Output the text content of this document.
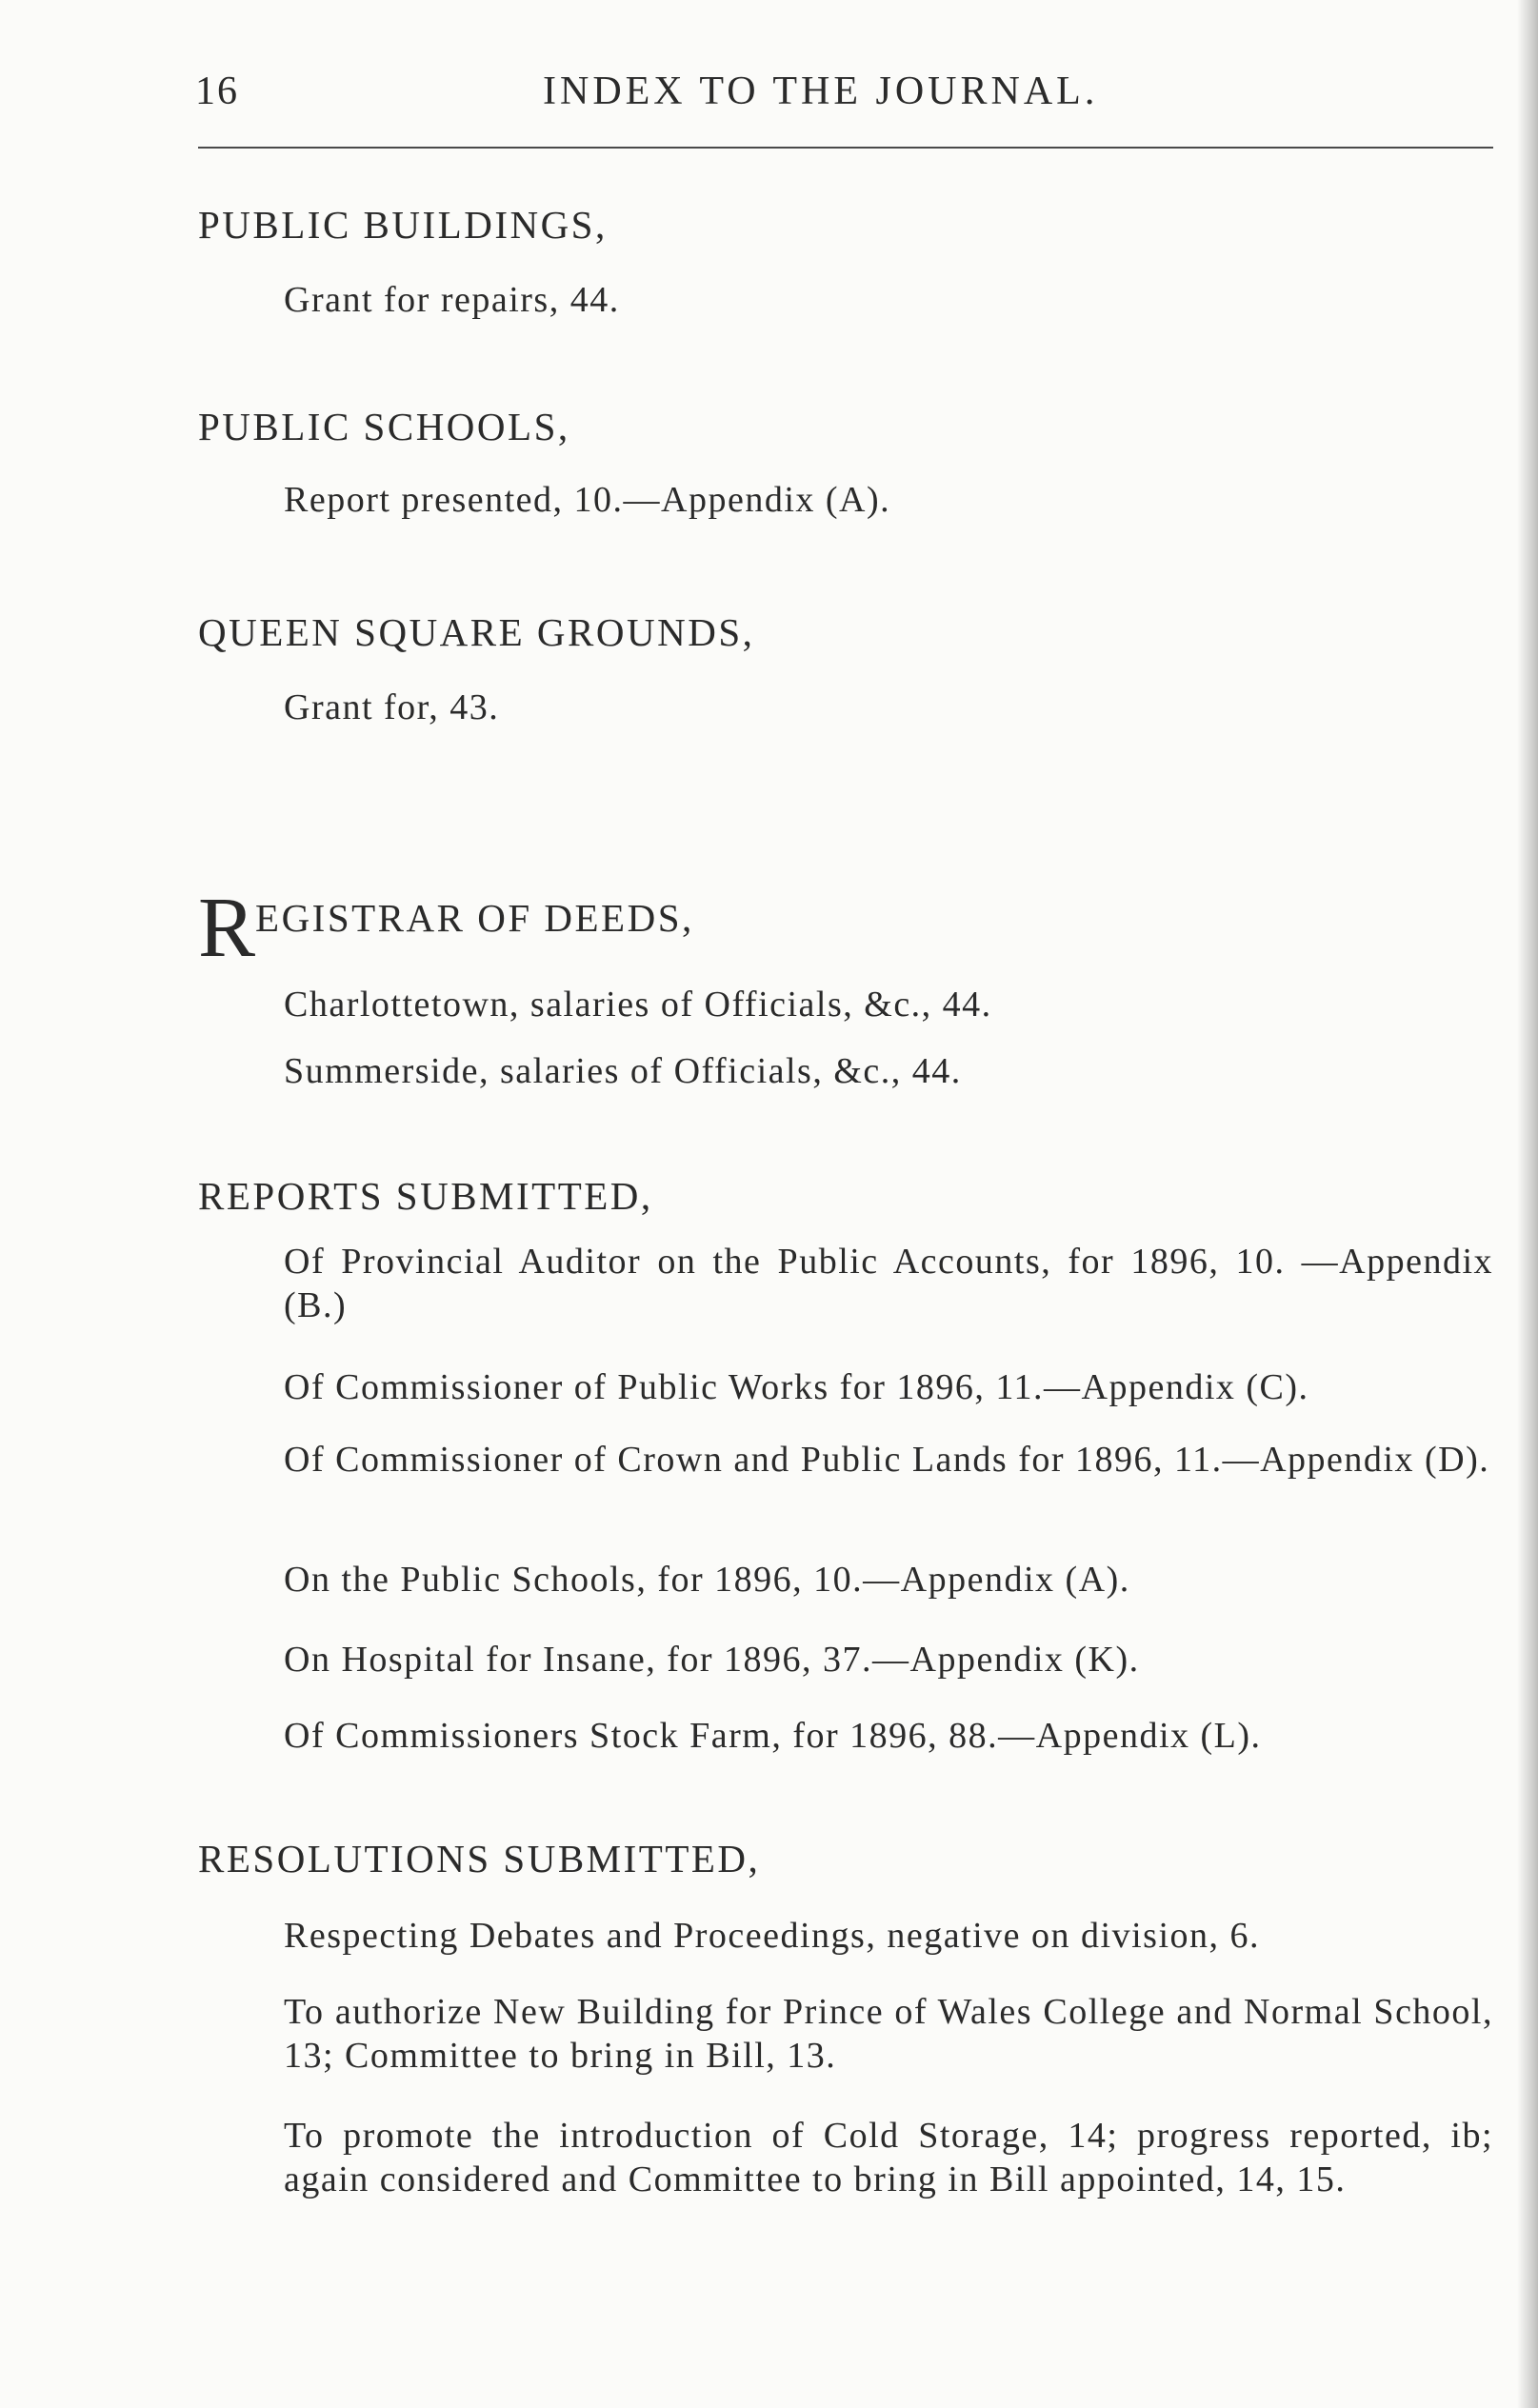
16	INDEX TO THE JOURNAL.
PUBLIC BUILDINGS,
Grant for repairs, 44.
PUBLIC SCHOOLS,
Report presented, 10.—Appendix (A).
QUEEN SQUARE GROUNDS,
Grant for, 43.
REGISTRAR OF DEEDS,
Charlottetown, salaries of Officials, &c., 44.
Summerside, salaries of Officials, &c., 44.
REPORTS SUBMITTED,
Of Provincial Auditor on the Public Accounts, for 1896, 10. —Appendix (B.)
Of Commissioner of Public Works for 1896, 11.—Appendix (C).
Of Commissioner of Crown and Public Lands for 1896, 11.—Appendix (D).
On the Public Schools, for 1896, 10.—Appendix (A).
On Hospital for Insane, for 1896, 37.—Appendix (K).
Of Commissioners Stock Farm, for 1896, 88.—Appendix (L).
RESOLUTIONS SUBMITTED,
Respecting Debates and Proceedings, negative on division, 6.
To authorize New Building for Prince of Wales College and Normal School, 13; Committee to bring in Bill, 13.
To promote the introduction of Cold Storage, 14; progress reported, ib; again considered and Committee to bring in Bill appointed, 14, 15.
